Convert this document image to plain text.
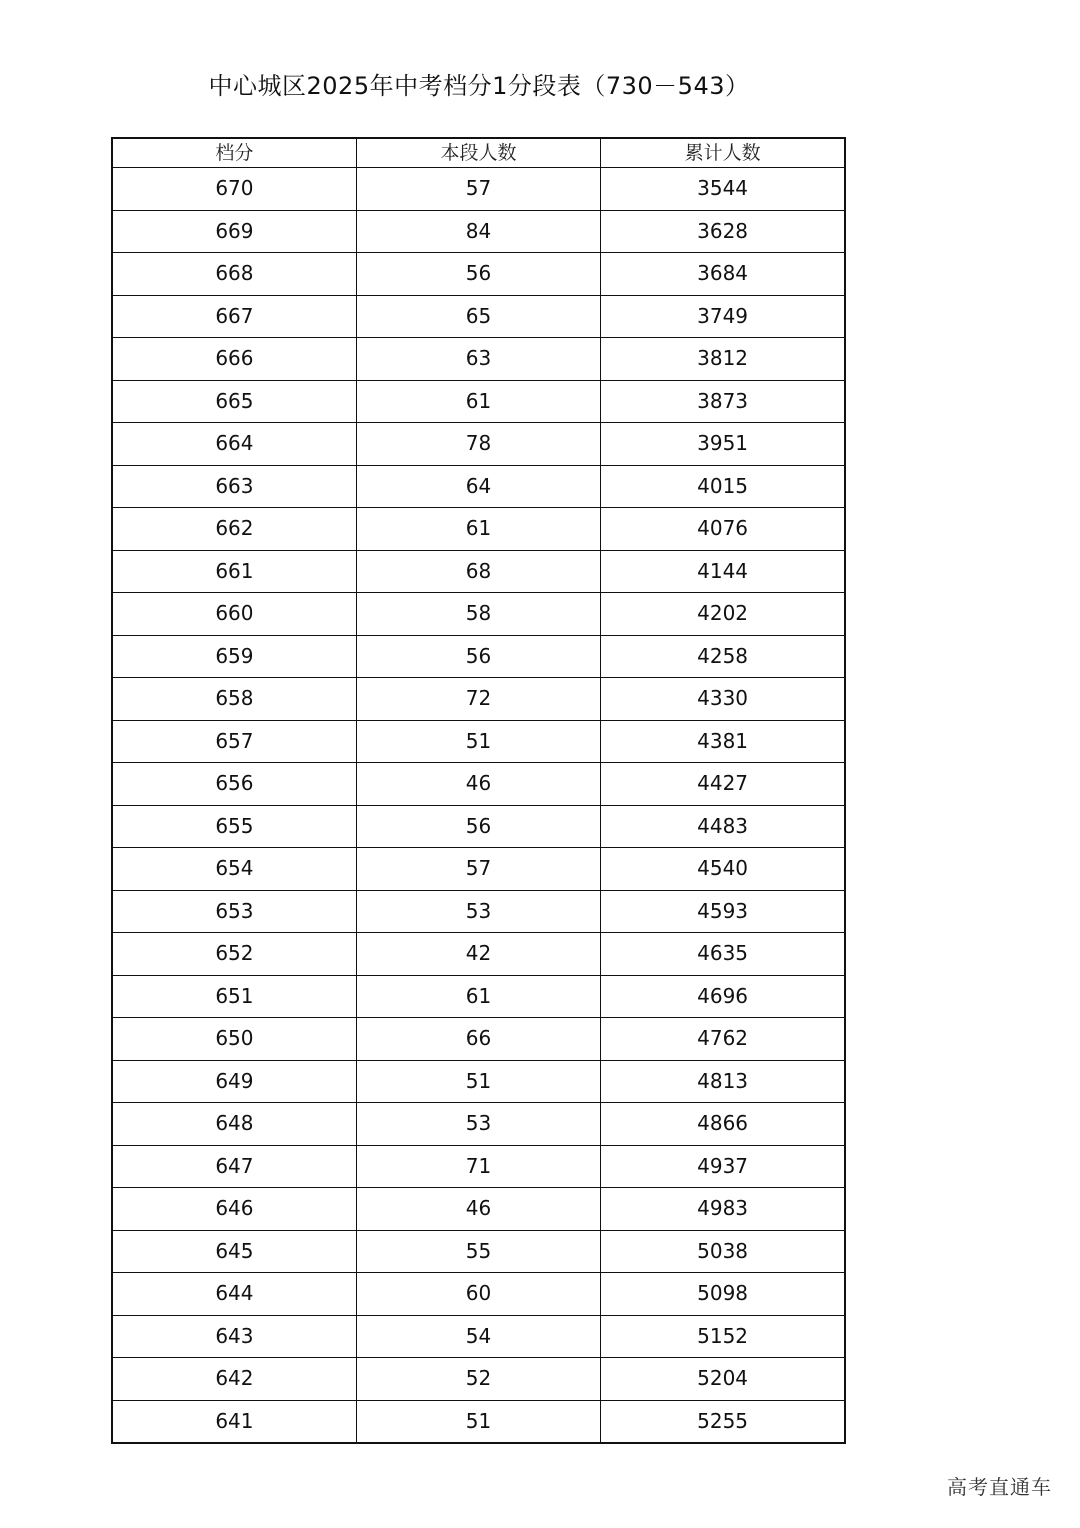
中心城区2025年中考档分1分段表（730－543）
档分	本段人数	累计人数
670	57	3544
669	84	3628
668	56	3684
667	65	3749
666	63	3812
665	61	3873
664	78	3951
663	64	4015
662	61	4076
661	68	4144
660	58	4202
659	56	4258
658	72	4330
657	51	4381
656	46	4427
655	56	4483
654	57	4540
653	53	4593
652	42	4635
651	61	4696
650	66	4762
649	51	4813
648	53	4866
647	71	4937
646	46	4983
645	55	5038
644	60	5098
643	54	5152
642	52	5204
641	51	5255
高考直通车
